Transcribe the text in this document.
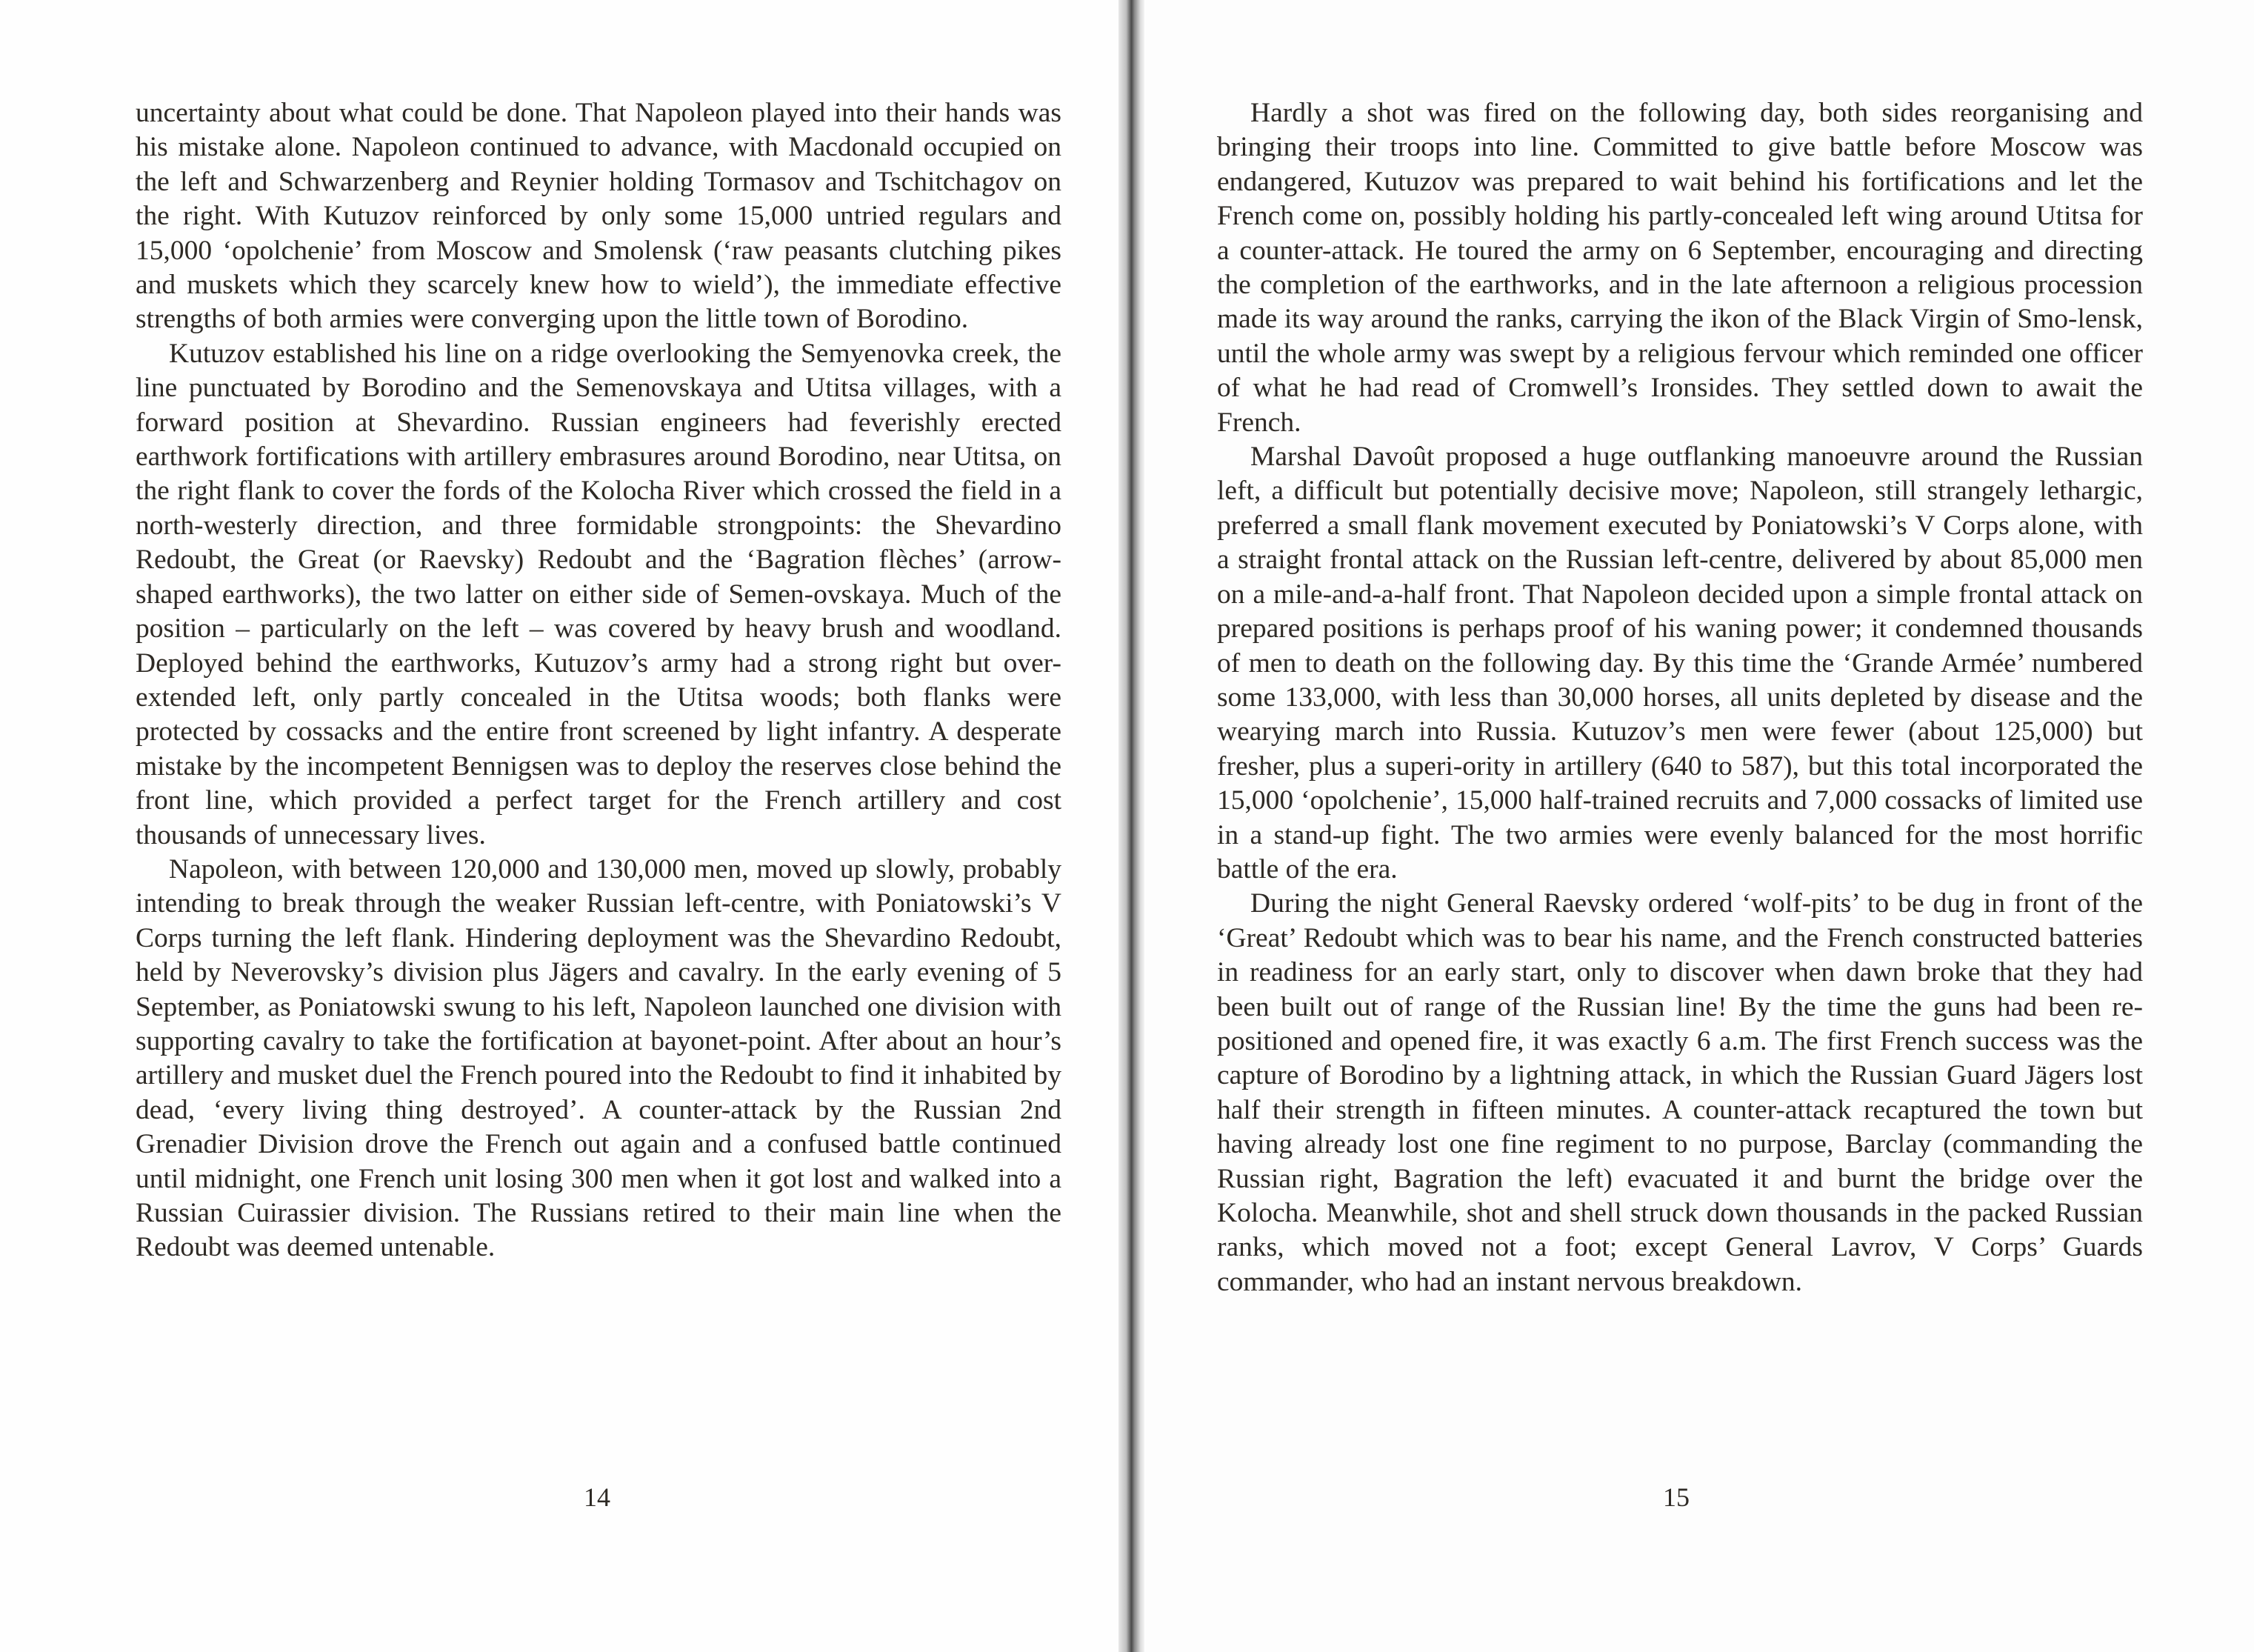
uncertainty about what could be done. That Napoleon played into their hands was his mistake alone. Napoleon continued to advance, with Macdonald occupied on the left and Schwarzenberg and Reynier holding Tormasov and Tschitchagov on the right. With Kutuzov reinforced by only some 15,000 untried regulars and 15,000 ‘opolchenie’ from Moscow and Smolensk (‘raw peasants clutching pikes and muskets which they scarcely knew how to wield’), the immediate effective strengths of both armies were converging upon the little town of Borodino.

Kutuzov established his line on a ridge overlooking the Semyenovka creek, the line punctuated by Borodino and the Semenovskaya and Utitsa villages, with a forward position at Shevardino. Russian engineers had feverishly erected earthwork fortifications with artillery embrasures around Borodino, near Utitsa, on the right flank to cover the fords of the Kolocha River which crossed the field in a north-westerly direction, and three formidable strongpoints: the Shevardino Redoubt, the Great (or Raevsky) Redoubt and the ‘Bagration flèches’ (arrow-shaped earthworks), the two latter on either side of Semen-ovskaya. Much of the position – particularly on the left – was covered by heavy brush and woodland. Deployed behind the earthworks, Kutuzov’s army had a strong right but over-extended left, only partly concealed in the Utitsa woods; both flanks were protected by cossacks and the entire front screened by light infantry. A desperate mistake by the incompetent Bennigsen was to deploy the reserves close behind the front line, which provided a perfect target for the French artillery and cost thousands of unnecessary lives.

Napoleon, with between 120,000 and 130,000 men, moved up slowly, probably intending to break through the weaker Russian left-centre, with Poniatowski’s V Corps turning the left flank. Hindering deployment was the Shevardino Redoubt, held by Neverovsky’s division plus Jägers and cavalry. In the early evening of 5 September, as Poniatowski swung to his left, Napoleon launched one division with supporting cavalry to take the fortification at bayonet-point. After about an hour’s artillery and musket duel the French poured into the Redoubt to find it inhabited by dead, ‘every living thing destroyed’. A counter-attack by the Russian 2nd Grenadier Division drove the French out again and a confused battle continued until midnight, one French unit losing 300 men when it got lost and walked into a Russian Cuirassier division. The Russians retired to their main line when the Redoubt was deemed untenable.

14

Hardly a shot was fired on the following day, both sides reorganising and bringing their troops into line. Committed to give battle before Moscow was endangered, Kutuzov was prepared to wait behind his fortifications and let the French come on, possibly holding his partly-concealed left wing around Utitsa for a counter-attack. He toured the army on 6 September, encouraging and directing the completion of the earthworks, and in the late afternoon a religious procession made its way around the ranks, carrying the ikon of the Black Virgin of Smo-lensk, until the whole army was swept by a religious fervour which reminded one officer of what he had read of Cromwell’s Ironsides. They settled down to await the French.

Marshal Davoût proposed a huge outflanking manoeuvre around the Russian left, a difficult but potentially decisive move; Napoleon, still strangely lethargic, preferred a small flank movement executed by Poniatowski’s V Corps alone, with a straight frontal attack on the Russian left-centre, delivered by about 85,000 men on a mile-and-a-half front. That Napoleon decided upon a simple frontal attack on prepared positions is perhaps proof of his waning power; it condemned thousands of men to death on the following day. By this time the ‘Grande Armée’ numbered some 133,000, with less than 30,000 horses, all units depleted by disease and the wearying march into Russia. Kutuzov’s men were fewer (about 125,000) but fresher, plus a superi-ority in artillery (640 to 587), but this total incorporated the 15,000 ‘opolchenie’, 15,000 half-trained recruits and 7,000 cossacks of limited use in a stand-up fight. The two armies were evenly balanced for the most horrific battle of the era.

During the night General Raevsky ordered ‘wolf-pits’ to be dug in front of the ‘Great’ Redoubt which was to bear his name, and the French constructed batteries in readiness for an early start, only to discover when dawn broke that they had been built out of range of the Russian line! By the time the guns had been re-positioned and opened fire, it was exactly 6 a.m. The first French success was the capture of Borodino by a lightning attack, in which the Russian Guard Jägers lost half their strength in fifteen minutes. A counter-attack recaptured the town but having already lost one fine regiment to no purpose, Barclay (commanding the Russian right, Bagration the left) evacuated it and burnt the bridge over the Kolocha. Meanwhile, shot and shell struck down thousands in the packed Russian ranks, which moved not a foot; except General Lavrov, V Corps’ Guards commander, who had an instant nervous breakdown.

15
